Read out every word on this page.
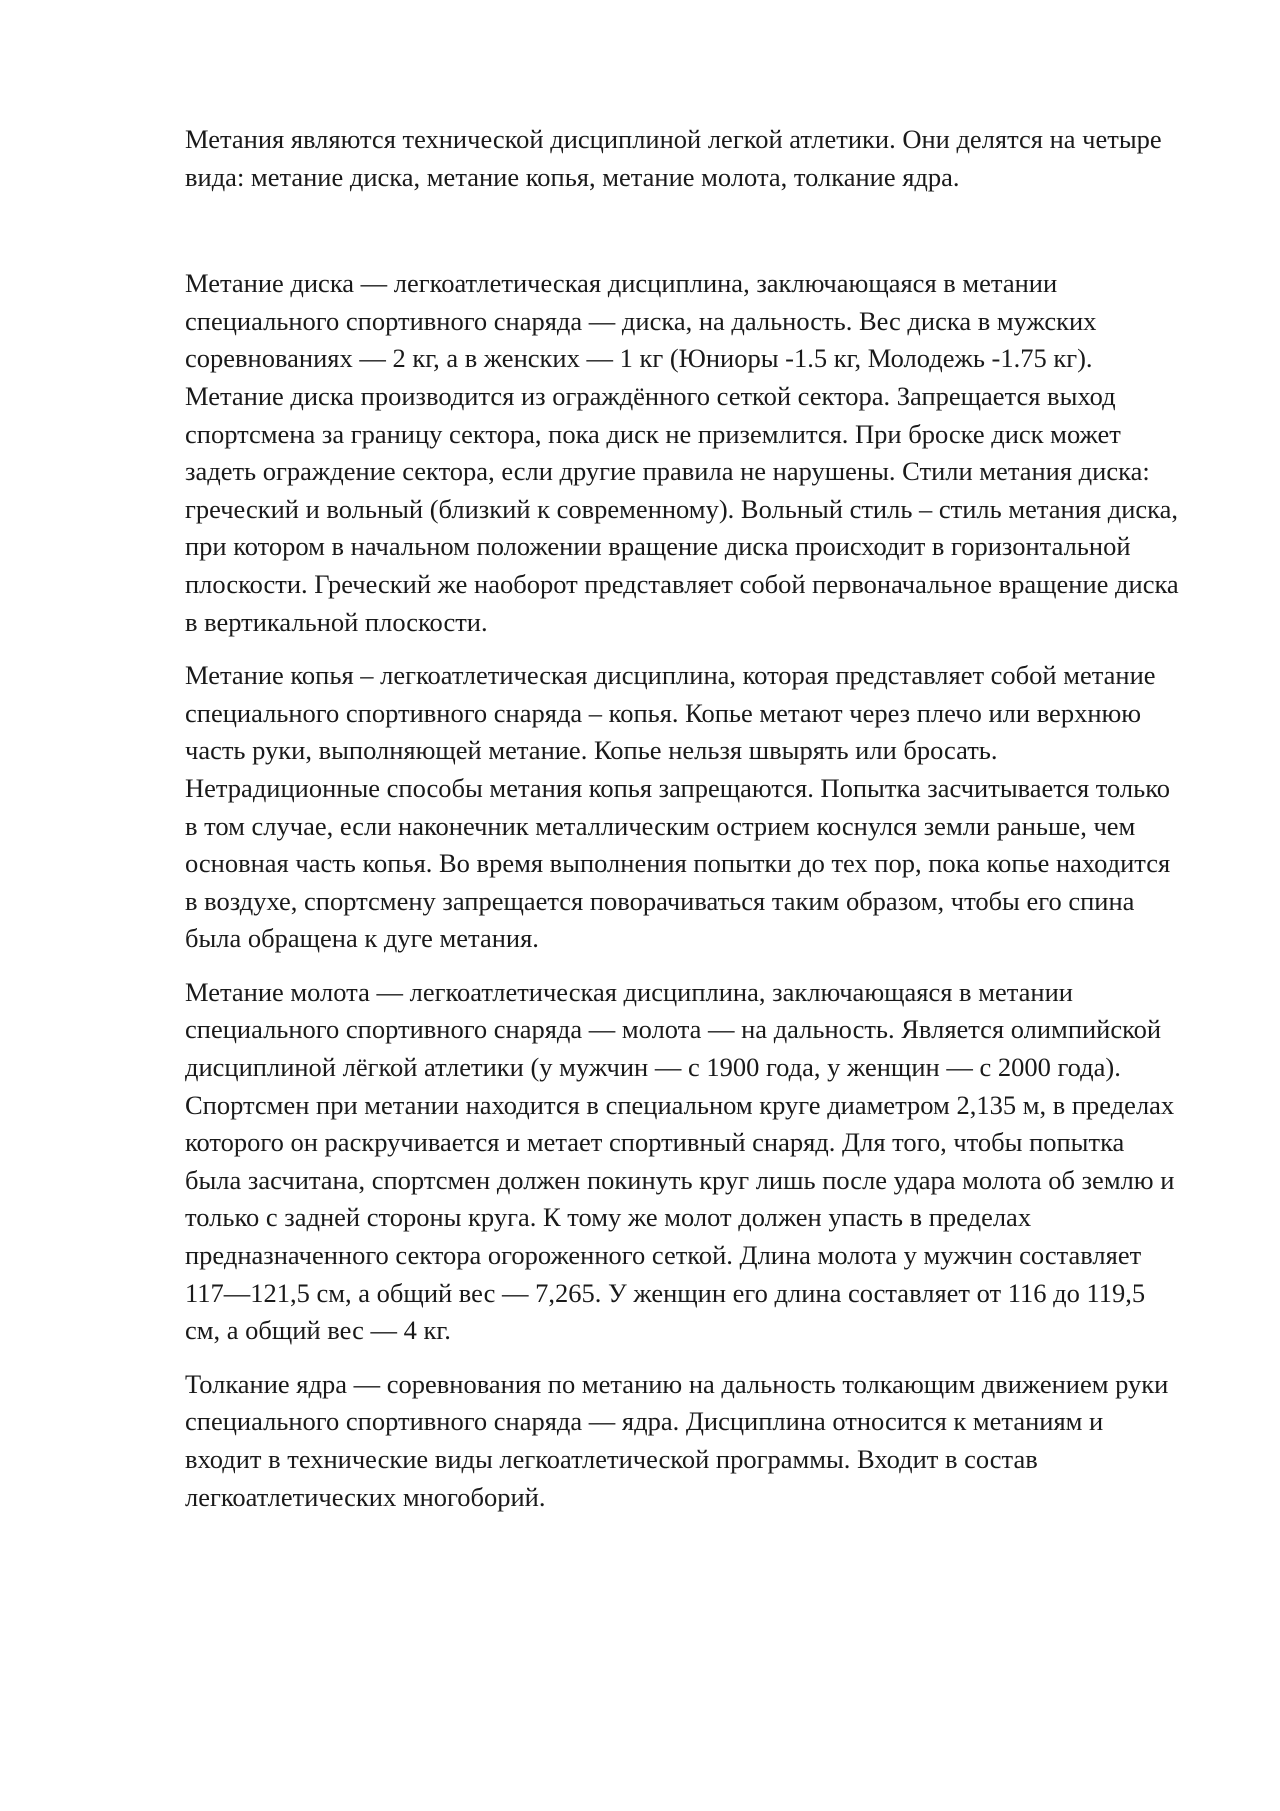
Метания являются технической дисциплиной легкой атлетики. Они делятся на четыре вида: метание диска, метание копья, метание молота, толкание ядра.

Метание диска — легкоатлетическая дисциплина, заключающаяся в метании специального спортивного снаряда — диска, на дальность. Вес диска в мужских соревнованиях — 2 кг, а в женских — 1 кг (Юниоры -1.5 кг, Молодежь -1.75 кг). Метание диска производится из ограждённого сеткой сектора. Запрещается выход спортсмена за границу сектора, пока диск не приземлится. При броске диск может задеть ограждение сектора, если другие правила не нарушены. Стили метания диска: греческий и вольный (близкий к современному). Вольный стиль – стиль метания диска, при котором в начальном положении вращение диска происходит в горизонтальной плоскости. Греческий же наоборот представляет собой первоначальное вращение диска в вертикальной плоскости.

Метание копья – легкоатлетическая дисциплина, которая представляет собой метание специального спортивного снаряда – копья. Копье метают через плечо или верхнюю часть руки, выполняющей метание. Копье нельзя швырять или бросать. Нетрадиционные способы метания копья запрещаются. Попытка засчитывается только в том случае, если наконечник металлическим острием коснулся земли раньше, чем основная часть копья. Во время выполнения попытки до тех пор, пока копье находится в воздухе, спортсмену запрещается поворачиваться таким образом, чтобы его спина была обращена к дуге метания.

Метание молота — легкоатлетическая дисциплина, заключающаяся в метании специального спортивного снаряда — молота — на дальность. Является олимпийской дисциплиной лёгкой атлетики (у мужчин — с 1900 года, у женщин — с 2000 года). Спортсмен при метании находится в специальном круге диаметром 2,135 м, в пределах которого он раскручивается и метает спортивный снаряд. Для того, чтобы попытка была засчитана, спортсмен должен покинуть круг лишь после удара молота об землю и только с задней стороны круга. К тому же молот должен упасть в пределах предназначенного сектора огороженного сеткой. Длина молота у мужчин составляет 117—121,5 см, а общий вес — 7,265. У женщин его длина составляет от 116 до 119,5 см, а общий вес — 4 кг.

Толкание ядра — соревнования по метанию на дальность толкающим движением руки специального спортивного снаряда — ядра. Дисциплина относится к метаниям и входит в технические виды легкоатлетической программы. Входит в состав легкоатлетических многоборий.
